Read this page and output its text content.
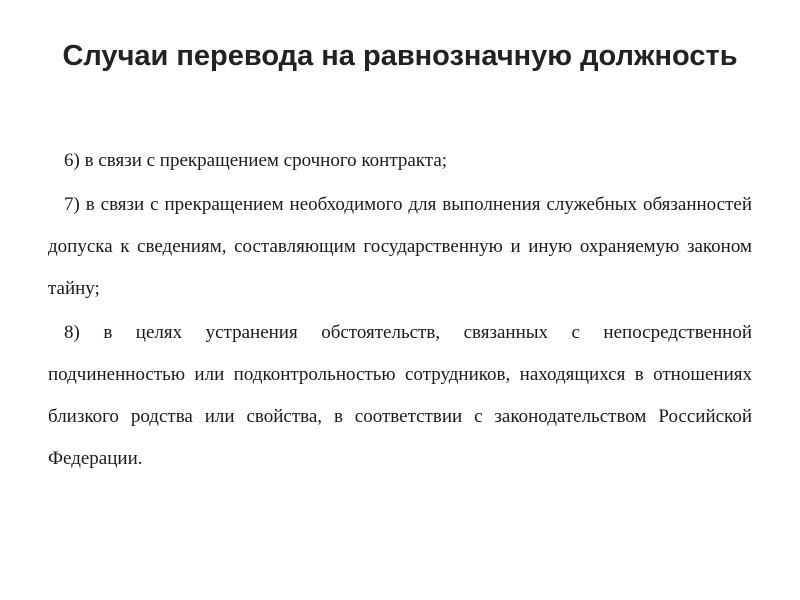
Случаи перевода на равнозначную должность

6) в связи с прекращением срочного контракта;

7) в связи с прекращением необходимого для выполнения служебных обязанностей допуска к сведениям, составляющим государственную и иную охраняемую законом тайну;

8) в целях устранения обстоятельств, связанных с непосредственной подчиненностью или подконтрольностью сотрудников, находящихся в отношениях близкого родства или свойства, в соответствии с законодательством Российской Федерации.
